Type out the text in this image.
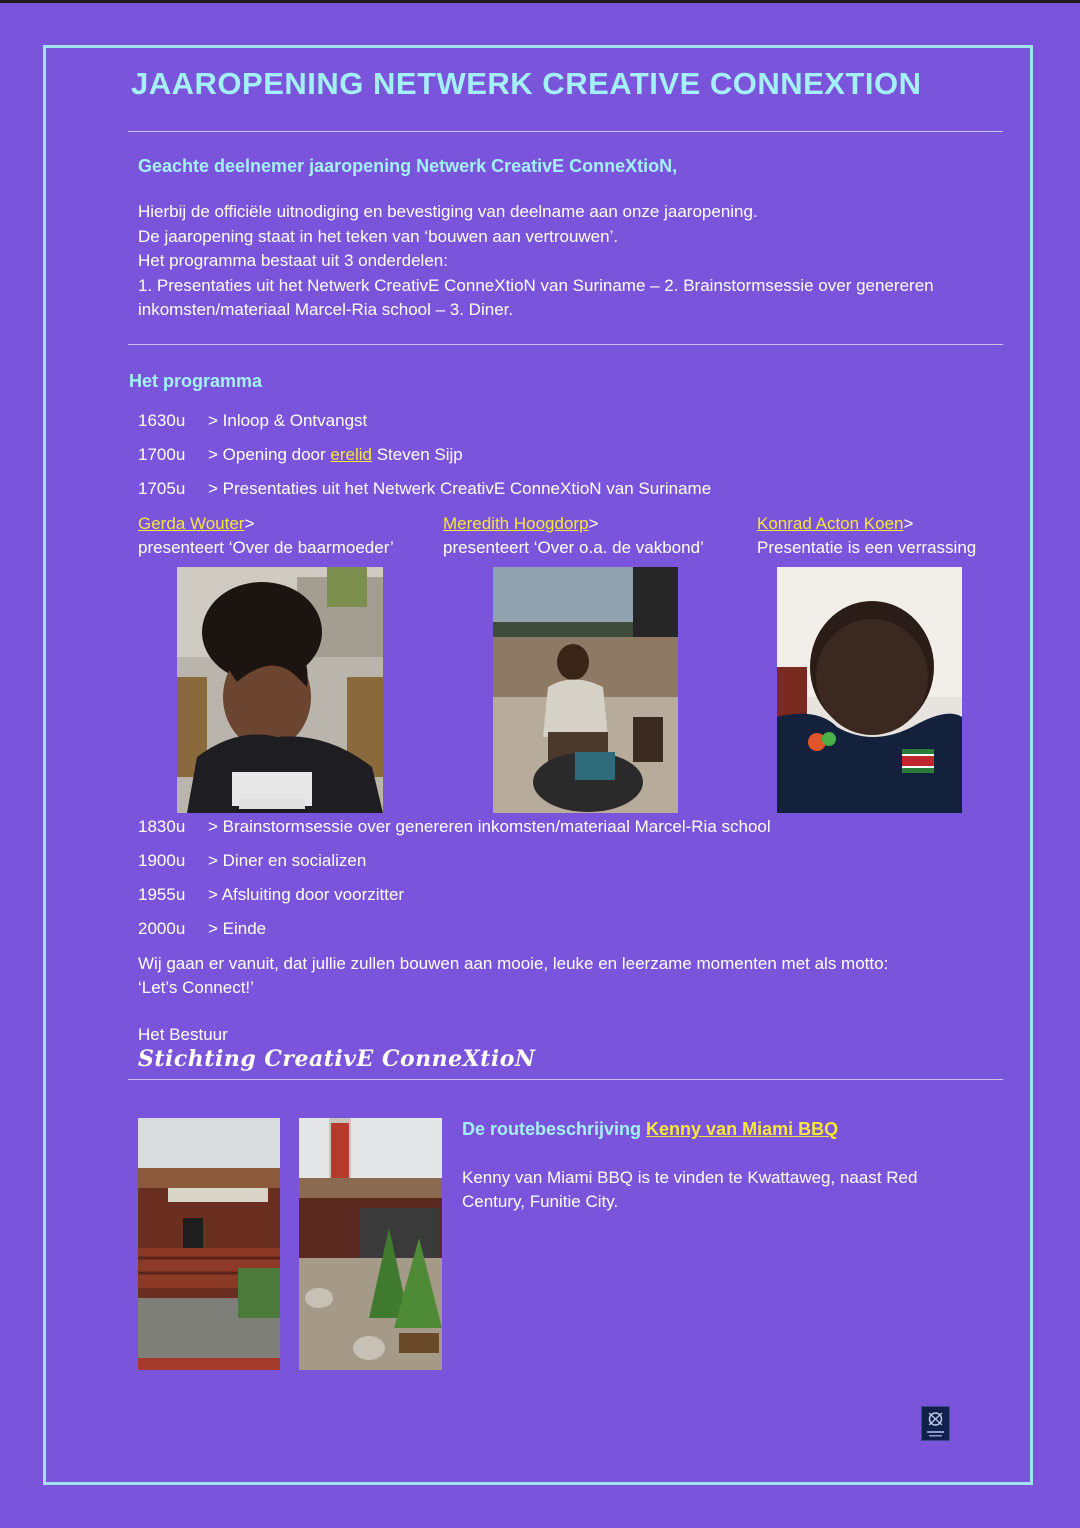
JAAROPENING NETWERK CREATIVE CONNEXTION
Geachte deelnemer jaaropening Netwerk CreativE ConneXtioN,
Hierbij de officiële uitnodiging en bevestiging van deelname aan onze jaaropening.
De jaaropening staat in het teken van ‘bouwen aan vertrouwen’.
Het programma bestaat uit 3 onderdelen:
1. Presentaties uit het Netwerk CreativE ConneXtioN van Suriname – 2. Brainstormsessie over genereren
inkomsten/materiaal Marcel-Ria school – 3. Diner.
Het programma
1630u > Inloop & Ontvangst
1700u > Opening door erelid Steven Sijp
1705u > Presentaties uit het Netwerk CreativE ConneXtioN van Suriname
Gerda Wouter>
presenteert ‘Over de baarmoeder’
Meredith Hoogdorp>
presenteert ‘Over o.a. de vakbond’
Konrad Acton Koen>
Presentatie is een verrassing
1830u > Brainstormsessie over genereren inkomsten/materiaal Marcel-Ria school
1900u > Diner en socializen
1955u > Afsluiting door voorzitter
2000u > Einde
Wij gaan er vanuit, dat jullie zullen bouwen aan mooie, leuke en leerzame momenten met als motto:
‘Let’s Connect!’
Het Bestuur
Stichting CreativE ConneXtioN
De routebeschrijving Kenny van Miami BBQ
Kenny van Miami BBQ is te vinden te Kwattaweg, naast Red Century, Funitie City.
